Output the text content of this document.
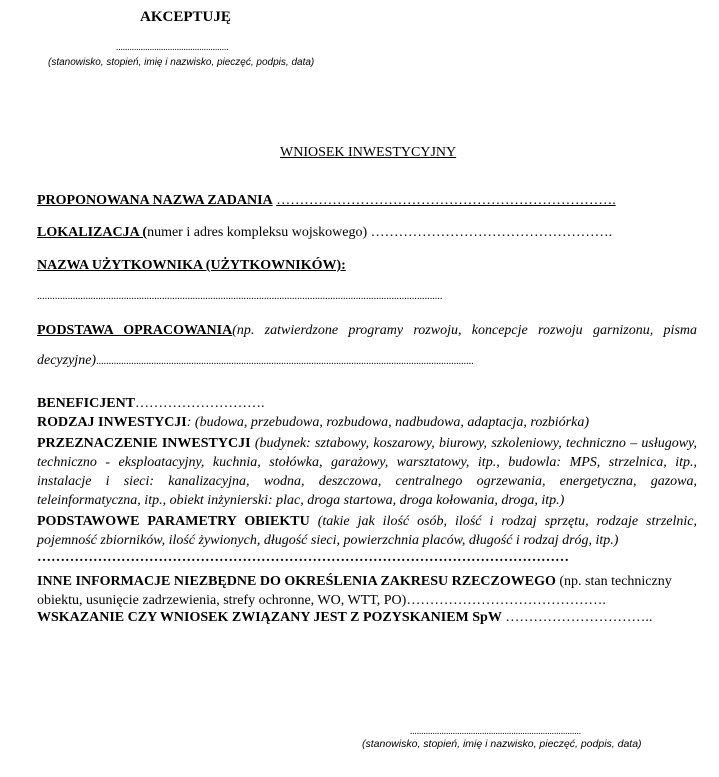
AKCEPTUJĘ
..................................................
(stanowisko, stopień, imię i nazwisko, pieczęć, podpis, data)
WNIOSEK INWESTYCYJNY
PROPONOWANA NAZWA ZADANIA ……………………………………………………………….
LOKALIZACJA (numer i adres kompleksu wojskowego) …………………………………………….
NAZWA UŻYTKOWNIKA (UŻYTKOWNIKÓW):
...............................................................................................................................................................
PODSTAWA OPRACOWANIA(np. zatwierdzone programy rozwoju, koncepcje rozwoju garnizonu, pisma
decyzyjne).......................................................................................................................................................
BENEFICJENT……………………….
RODZAJ INWESTYCJI: (budowa, przebudowa, rozbudowa, nadbudowa, adaptacja, rozbiórka)
PRZEZNACZENIE INWESTYCJI (budynek: sztabowy, koszarowy, biurowy, szkoleniowy, techniczno – usługowy, techniczno - eksploatacyjny, kuchnia, stołówka, garażowy, warsztatowy, itp., budowla: MPS, strzelnica, itp., instalacje i sieci: kanalizacyjna, wodna, deszczowa, centralnego ogrzewania, energetyczna, gazowa, teleinformatyczna, itp., obiekt inżynierski: plac, droga startowa, droga kołowania, droga, itp.)
PODSTAWOWE PARAMETRY OBIEKTU (takie jak ilość osób, ilość i rodzaj sprzętu, rodzaje strzelnic, pojemność zbiorników, ilość żywionych, długość sieci, powierzchnia placów, długość i rodzaj dróg, itp.)
……………………………………………………………………………………………………
INNE INFORMACJE NIEZBĘDNE DO OKREŚLENIA ZAKRESU RZECZOWEGO (np. stan techniczny obiektu, usunięcie zadrzewienia, strefy ochronne, WO, WTT, PO)…………………………………….
WSKAZANIE CZY WNIOSEK ZWIĄZANY JEST Z POZYSKANIEM SpW …………………………..
............................................................................
(stanowisko, stopień, imię i nazwisko, pieczęć, podpis, data)
